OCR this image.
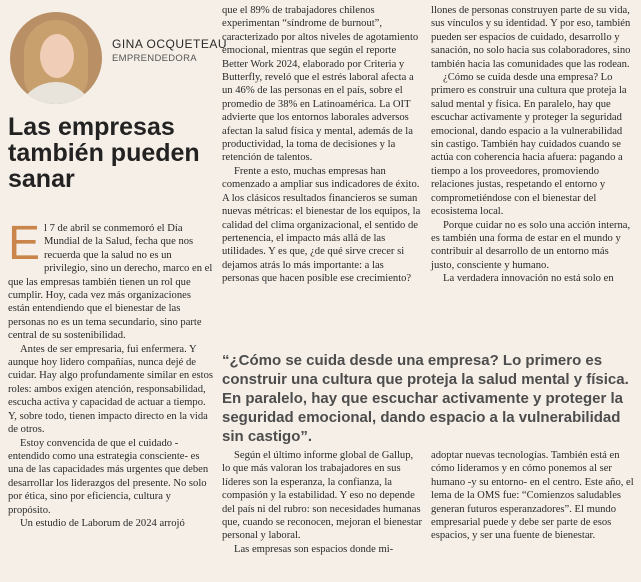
GINA OCQUETEAU
EMPRENDEDORA
Las empresas también pueden sanar

El 7 de abril se conmemoró el Día Mundial de la Salud, fecha que nos recuerda que la salud no es un privilegio, sino un derecho, marco en el que las empresas también tienen un rol que cumplir. Hoy, cada vez más organizaciones están entendiendo que el bienestar de las personas no es un tema secundario, sino parte central de su sostenibilidad.

Antes de ser empresaria, fui enfermera. Y aunque hoy lidero compañías, nunca dejé de cuidar. Hay algo profundamente similar en estos roles: ambos exigen atención, responsabilidad, escucha activa y capacidad de actuar a tiempo. Y, sobre todo, tienen impacto directo en la vida de otros.

Estoy convencida de que el cuidado -entendido como una estrategia consciente- es una de las capacidades más urgentes que deben desarrollar los liderazgos del presente. No solo por ética, sino por eficiencia, cultura y propósito.

Un estudio de Laborum de 2024 arrojó

que el 89% de trabajadores chilenos experimentan “síndrome de burnout”, caracterizado por altos niveles de agotamiento emocional, mientras que según el reporte Better Work 2024, elaborado por Criteria y Butterfly, reveló que el estrés laboral afecta a un 46% de las personas en el país, sobre el promedio de 38% en Latinoamérica. La OIT advierte que los entornos laborales adversos afectan la salud física y mental, además de la productividad, la toma de decisiones y la retención de talentos.

Frente a esto, muchas empresas han comenzado a ampliar sus indicadores de éxito. A los clásicos resultados financieros se suman nuevas métricas: el bienestar de los equipos, la calidad del clima organizacional, el sentido de pertenencia, el impacto más allá de las utilidades. Y es que, ¿de qué sirve crecer si dejamos atrás lo más importante: a las personas que hacen posible ese crecimiento?

llones de personas construyen parte de su vida, sus vínculos y su identidad. Y por eso, también pueden ser espacios de cuidado, desarrollo y sanación, no solo hacia sus colaboradores, sino también hacia las comunidades que las rodean.

¿Cómo se cuida desde una empresa? Lo primero es construir una cultura que proteja la salud mental y física. En paralelo, hay que escuchar activamente y proteger la seguridad emocional, dando espacio a la vulnerabilidad sin castigo. También hay cuidados cuando se actúa con coherencia hacia afuera: pagando a tiempo a los proveedores, promoviendo relaciones justas, respetando el entorno y comprometiéndose con el bienestar del ecosistema local.

Porque cuidar no es solo una acción interna, es también una forma de estar en el mundo y contribuir al desarrollo de un entorno más justo, consciente y humano.

La verdadera innovación no está solo en

“¿Cómo se cuida desde una empresa? Lo primero es construir una cultura que proteja la salud mental y física. En paralelo, hay que escuchar activamente y proteger la seguridad emocional, dando espacio a la vulnerabilidad sin castigo”.

Según el último informe global de Gallup, lo que más valoran los trabajadores en sus líderes son la esperanza, la confianza, la compasión y la estabilidad. Y eso no depende del país ni del rubro: son necesidades humanas que, cuando se reconocen, mejoran el bienestar personal y laboral.

Las empresas son espacios donde mi-

adoptar nuevas tecnologías. También está en cómo lideramos y en cómo ponemos al ser humano -y su entorno- en el centro. Este año, el lema de la OMS fue: “Comienzos saludables generan futuros esperanzadores”. El mundo empresarial puede y debe ser parte de esos espacios, y ser una fuente de bienestar.
